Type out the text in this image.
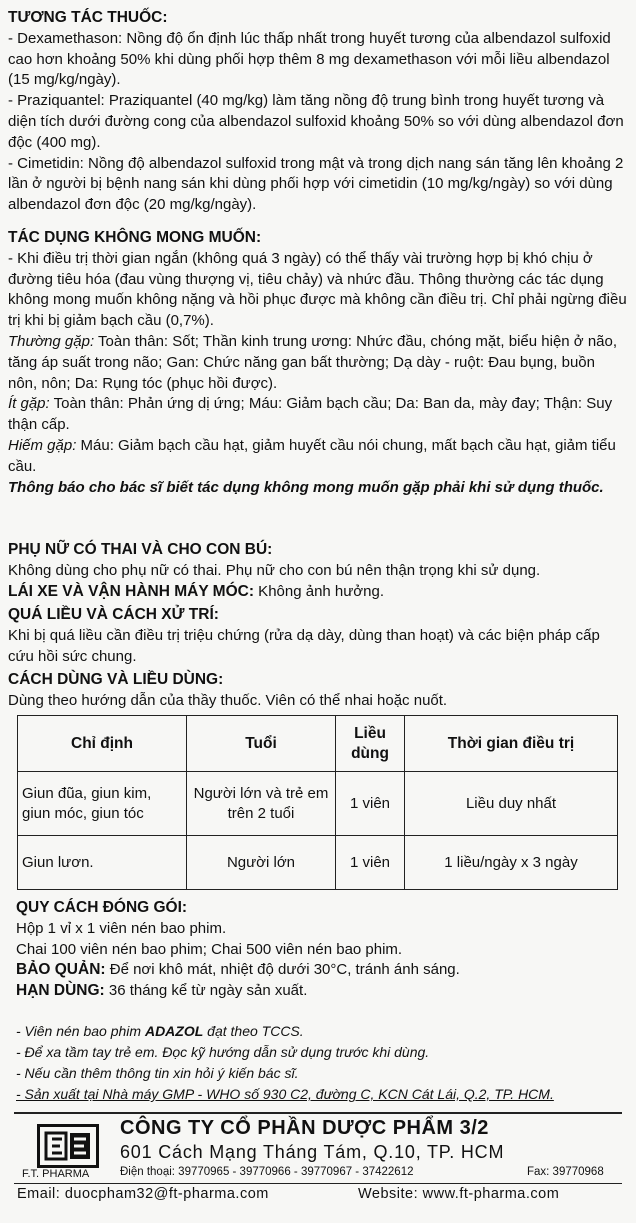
TƯƠNG TÁC THUỐC:

- Dexamethason: Nồng độ ổn định lúc thấp nhất trong huyết tương của albendazol sulfoxid cao hơn khoảng 50% khi dùng phối hợp thêm 8 mg dexamethason với mỗi liều albendazol (15 mg/kg/ngày).

- Praziquantel: Praziquantel (40 mg/kg) làm tăng nồng độ trung bình trong huyết tương và diện tích dưới đường cong của albendazol sulfoxid khoảng 50% so với dùng albendazol đơn độc (400 mg).

- Cimetidin: Nồng độ albendazol sulfoxid trong mật và trong dịch nang sán tăng lên khoảng 2 lần ở người bị bệnh nang sán khi dùng phối hợp với cimetidin (10 mg/kg/ngày) so với dùng albendazol đơn độc (20 mg/kg/ngày).

TÁC DỤNG KHÔNG MONG MUỐN:

- Khi điều trị thời gian ngắn (không quá 3 ngày) có thể thấy vài trường hợp bị khó chịu ở đường tiêu hóa (đau vùng thượng vị, tiêu chảy) và nhức đầu. Thông thường các tác dụng không mong muốn không nặng và hồi phục được mà không cần điều trị. Chỉ phải ngừng điều trị khi bị giảm bạch cầu (0,7%).

Thường gặp: Toàn thân: Sốt; Thần kinh trung ương: Nhức đầu, chóng mặt, biểu hiện ở não, tăng áp suất trong não; Gan: Chức năng gan bất thường; Dạ dày - ruột: Đau bụng, buồn nôn, nôn; Da: Rụng tóc (phục hồi được).

Ít gặp: Toàn thân: Phản ứng dị ứng; Máu: Giảm bạch cầu; Da: Ban da, mày đay; Thận: Suy thận cấp.

Hiếm gặp: Máu: Giảm bạch cầu hạt, giảm huyết cầu nói chung, mất bạch cầu hạt, giảm tiểu cầu.

Thông báo cho bác sĩ biết tác dụng không mong muốn gặp phải khi sử dụng thuốc.

PHỤ NỮ CÓ THAI VÀ CHO CON BÚ:

Không dùng cho phụ nữ có thai. Phụ nữ cho con bú nên thận trọng khi sử dụng.

LÁI XE VÀ VẬN HÀNH MÁY MÓC: Không ảnh hưởng.

QUÁ LIỀU VÀ CÁCH XỬ TRÍ:

Khi bị quá liều cần điều trị triệu chứng (rửa dạ dày, dùng than hoạt) và các biện pháp cấp cứu hồi sức chung.

CÁCH DÙNG VÀ LIỀU DÙNG:

Dùng theo hướng dẫn của thầy thuốc. Viên có thể nhai hoặc nuốt.

Chỉ định	Tuổi	Liều dùng	Thời gian điều trị
Giun đũa, giun kim, giun móc, giun tóc	Người lớn và trẻ em trên 2 tuổi	1 viên	Liều duy nhất
Giun lươn.	Người lớn	1 viên	1 liều/ngày x 3 ngày
QUY CÁCH ĐÓNG GÓI:

Hộp 1 vỉ x 1 viên nén bao phim.

Chai 100 viên nén bao phim; Chai 500 viên nén bao phim.

BẢO QUẢN: Để nơi khô mát, nhiệt độ dưới 30°C, tránh ánh sáng.

HẠN DÙNG: 36 tháng kể từ ngày sản xuất.

- Viên nén bao phim ADAZOL đạt theo TCCS.
- Để xa tầm tay trẻ em. Đọc kỹ hướng dẫn sử dụng trước khi dùng.
- Nếu cần thêm thông tin xin hỏi ý kiến bác sĩ.
- Sản xuất tại Nhà máy GMP - WHO số 930 C2, đường C, KCN Cát Lái, Q.2, TP. HCM.
F.T. PHARMA
CÔNG TY CỔ PHẦN DƯỢC PHẨM 3/2
601 Cách Mạng Tháng Tám, Q.10, TP. HCM
Điện thoại: 39770965 - 39770966 - 39770967 - 37422612	Fax: 39770968
Email: duocpham32@ft-pharma.com	Website: www.ft-pharma.com
